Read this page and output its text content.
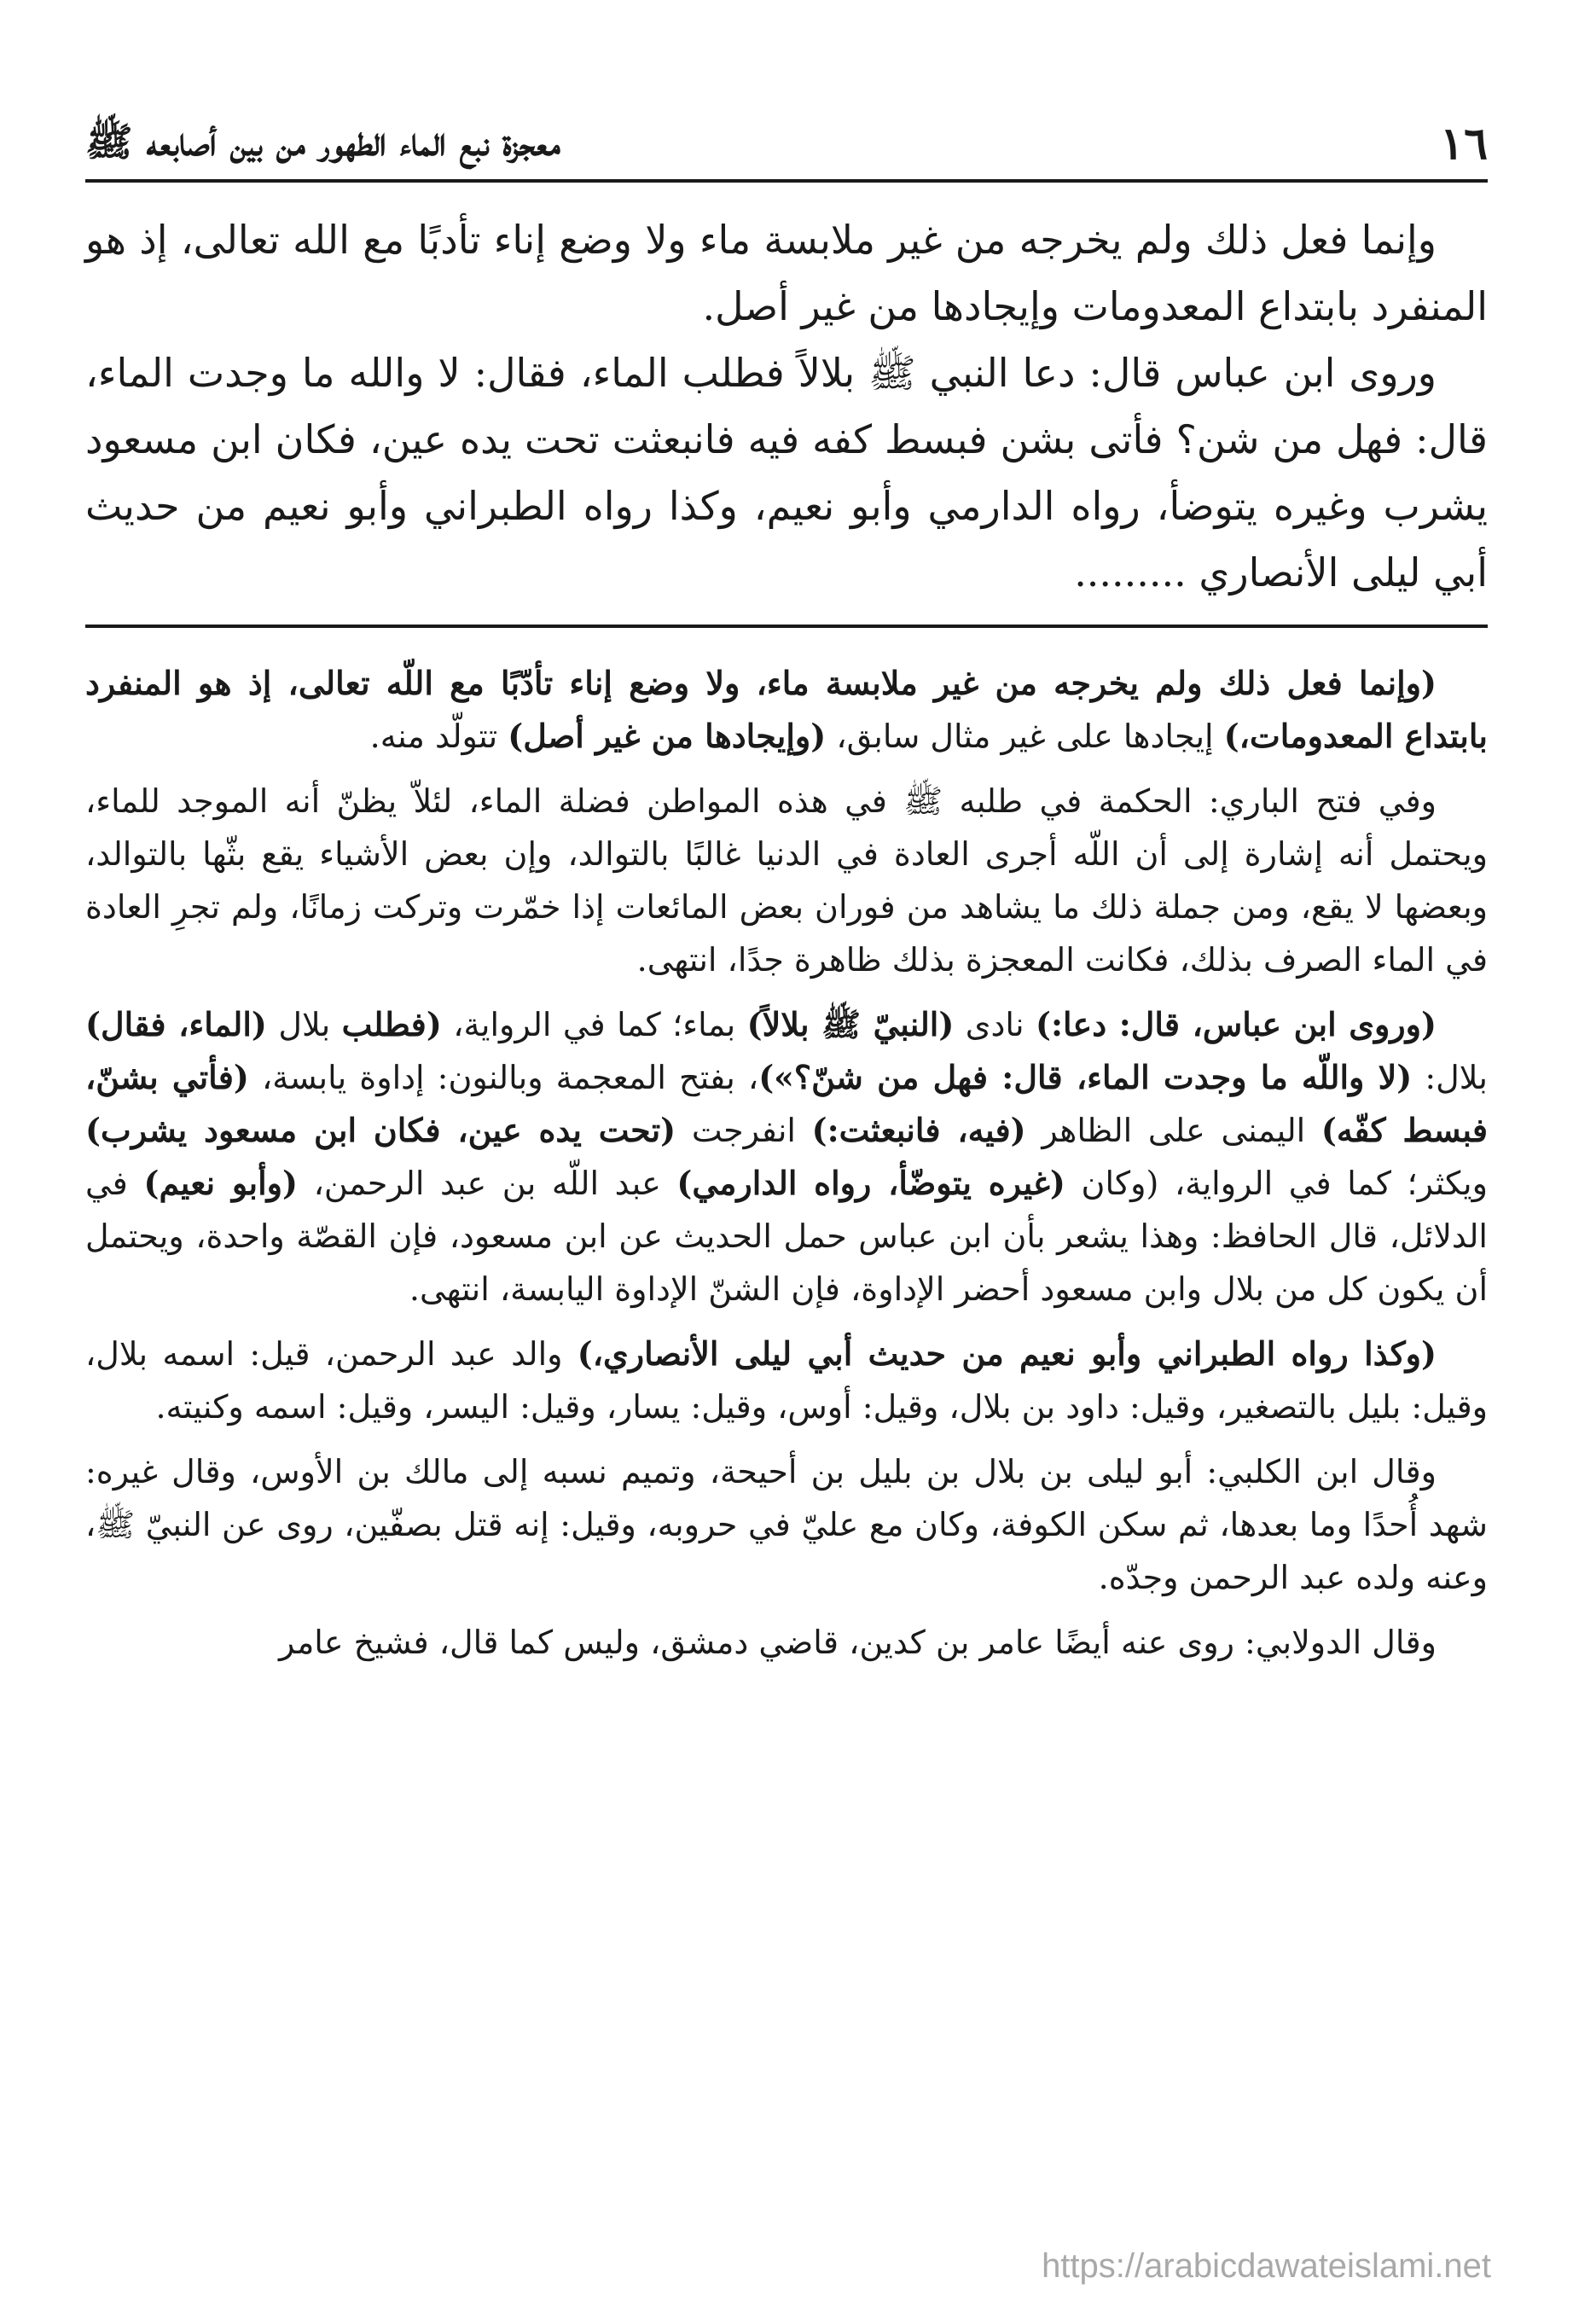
١٦
معجزة نبع الماء الطهور من بين أصابعه ﷺ

وإنما فعل ذلك ولم يخرجه من غير ملابسة ماء ولا وضع إناء تأدبًا مع الله تعالى، إذ هو المنفرد بابتداع المعدومات وإيجادها من غير أصل.

وروى ابن عباس قال: دعا النبي ﷺ بلالاً فطلب الماء، فقال: لا والله ما وجدت الماء، قال: فهل من شن؟ فأتى بشن فبسط كفه فيه فانبعثت تحت يده عين، فكان ابن مسعود يشرب وغيره يتوضأ، رواه الدارمي وأبو نعيم، وكذا رواه الطبراني وأبو نعيم من حديث أبي ليلى الأنصاري .........

(وإنما فعل ذلك ولم يخرجه من غير ملابسة ماء، ولا وضع إناء تأدّبًا مع اللّه تعالى، إذ هو المنفرد بابتداع المعدومات،) إيجادها على غير مثال سابق، (وإيجادها من غير أصل) تتولّد منه.

وفي فتح الباري: الحكمة في طلبه ﷺ في هذه المواطن فضلة الماء، لئلاّ يظنّ أنه الموجد للماء، ويحتمل أنه إشارة إلى أن اللّه أجرى العادة في الدنيا غالبًا بالتوالد، وإن بعض الأشياء يقع بثّها بالتوالد، وبعضها لا يقع، ومن جملة ذلك ما يشاهد من فوران بعض المائعات إذا خمّرت وتركت زمانًا، ولم تجرِ العادة في الماء الصرف بذلك، فكانت المعجزة بذلك ظاهرة جدًا، انتهى.

(وروى ابن عباس، قال: دعا:) نادى (النبيّ ﷺ بلالاً) بماء؛ كما في الرواية، (فطلب بلال (الماء، فقال) بلال: (لا واللّه ما وجدت الماء، قال: فهل من شنّ؟»)، بفتح المعجمة وبالنون: إداوة يابسة، (فأتي بشنّ، فبسط كفّه) اليمنى على الظاهر (فيه، فانبعثت:) انفرجت (تحت يده عين، فكان ابن مسعود يشرب) ويكثر؛ كما في الرواية، (وكان (غيره يتوضّأ، رواه الدارمي) عبد اللّه بن عبد الرحمن، (وأبو نعيم) في الدلائل، قال الحافظ: وهذا يشعر بأن ابن عباس حمل الحديث عن ابن مسعود، فإن القصّة واحدة، ويحتمل أن يكون كل من بلال وابن مسعود أحضر الإداوة، فإن الشنّ الإداوة اليابسة، انتهى.

(وكذا رواه الطبراني وأبو نعيم من حديث أبي ليلى الأنصاري،) والد عبد الرحمن، قيل: اسمه بلال، وقيل: بليل بالتصغير، وقيل: داود بن بلال، وقيل: أوس، وقيل: يسار، وقيل: اليسر، وقيل: اسمه وكنيته.

وقال ابن الكلبي: أبو ليلى بن بلال بن بليل بن أحيحة، وتميم نسبه إلى مالك بن الأوس، وقال غيره: شهد أُحدًا وما بعدها، ثم سكن الكوفة، وكان مع عليّ في حروبه، وقيل: إنه قتل بصفّين، روى عن النبيّ ﷺ، وعنه ولده عبد الرحمن وجدّه.

وقال الدولابي: روى عنه أيضًا عامر بن كدين، قاضي دمشق، وليس كما قال، فشيخ عامر

https://arabicdawateislami.net
